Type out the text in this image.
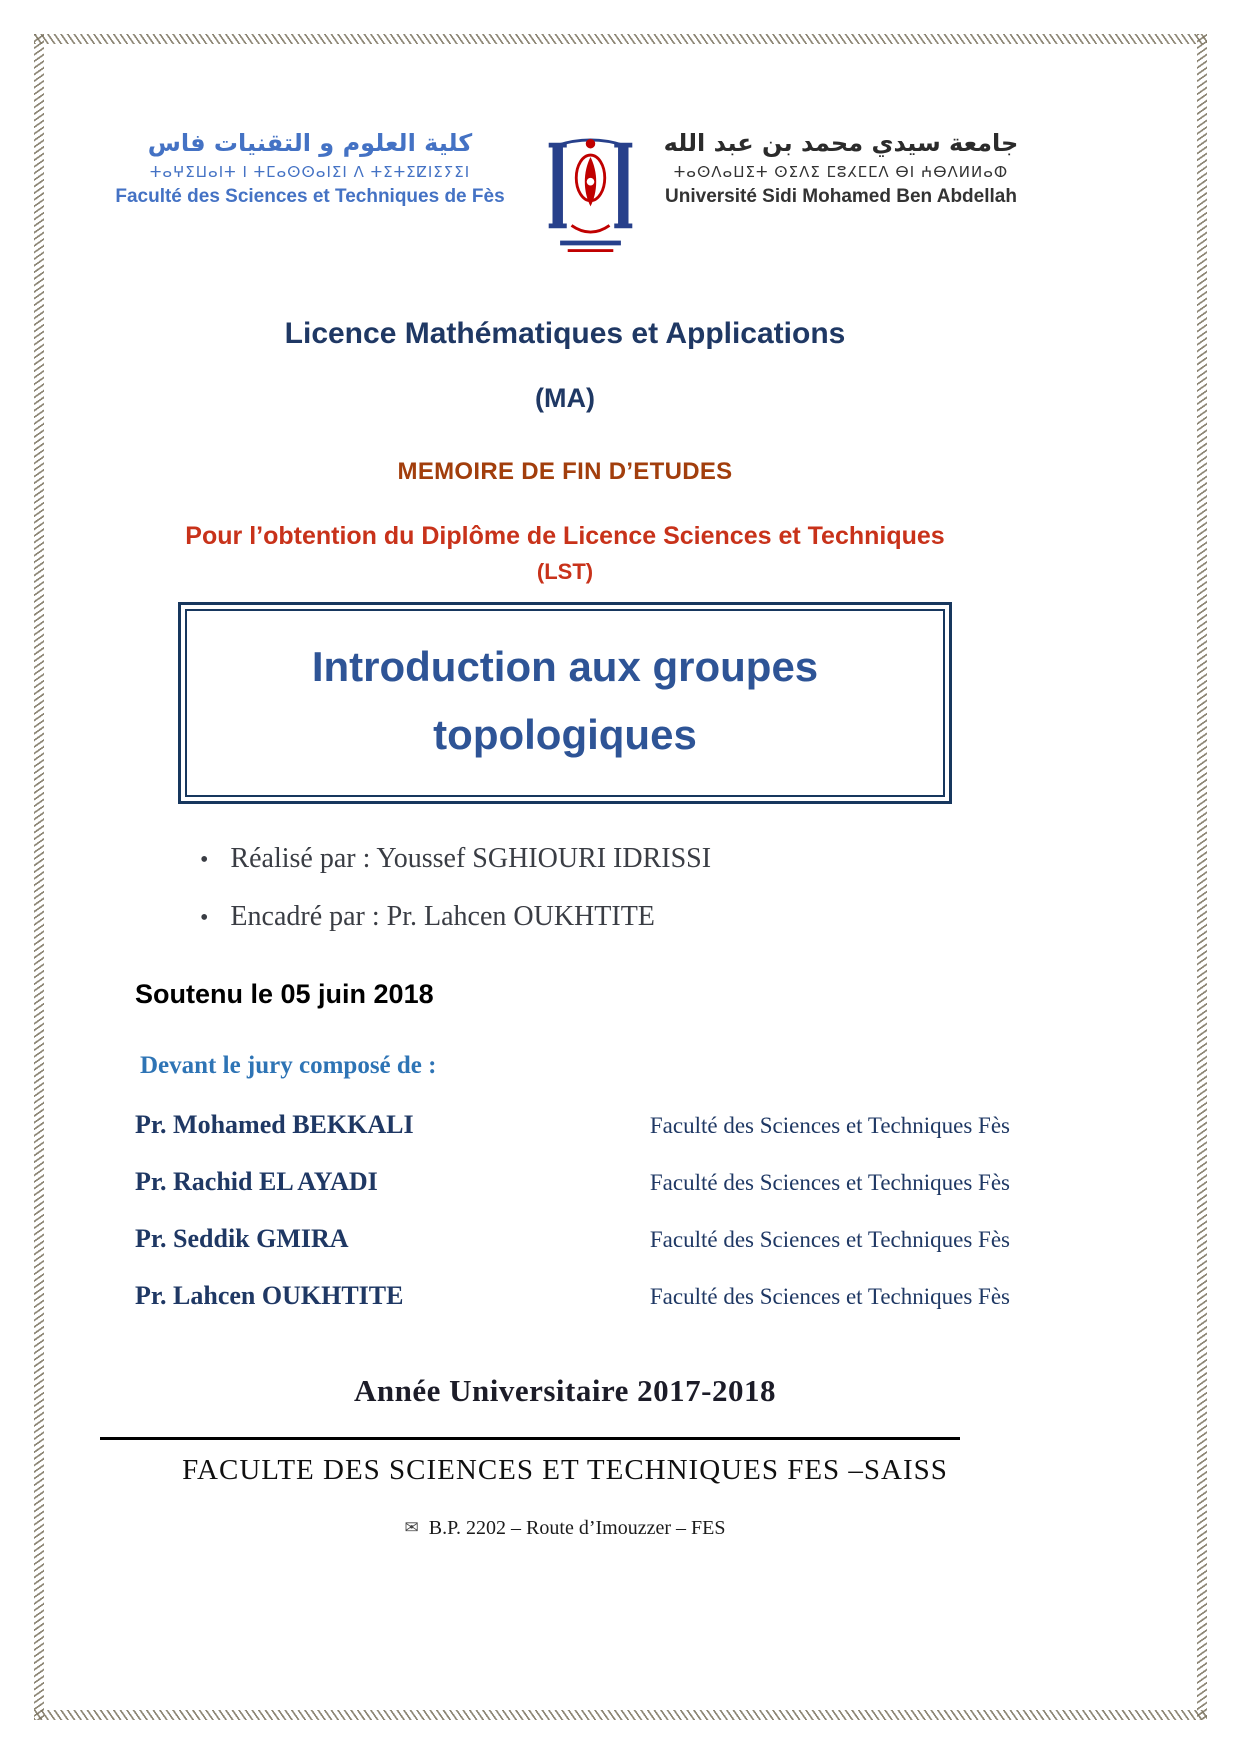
كلية العلوم و التقنيات فاس
ⵜⴰⵖⵉⵡⴰⵏⵜ ⵏ ⵜⵎⴰⵙⵙⴰⵏⵉⵏ ⴷ ⵜⵉⵜⵉⵇⵏⵉⵢⵉⵏ
Faculté des Sciences et Techniques de Fès
جامعة سيدي محمد بن عبد الله
ⵜⴰⵙⴷⴰⵡⵉⵜ ⵙⵉⴷⵉ ⵎⵓⵃⵎⵎⴷ ⴱⵏ ⵄⴱⴷⵍⵍⴰⵀ
Université Sidi Mohamed Ben Abdellah
Licence Mathématiques et Applications
(MA)
MEMOIRE DE FIN D’ETUDES
Pour l’obtention du Diplôme de Licence Sciences et Techniques
(LST)
Introduction aux groupes
topologiques
• Réalisé par : Youssef SGHIOURI IDRISSI
• Encadré par : Pr. Lahcen OUKHTITE
Soutenu le 05 juin 2018
Devant le jury composé de :
Pr. Mohamed BEKKALI	Faculté des Sciences et Techniques Fès
Pr. Rachid EL AYADI	Faculté des Sciences et Techniques Fès
Pr. Seddik GMIRA	Faculté des Sciences et Techniques Fès
Pr. Lahcen OUKHTITE	Faculté des Sciences et Techniques Fès
Année Universitaire 2017-2018
FACULTE DES SCIENCES ET TECHNIQUES FES –SAISS
✉ B.P. 2202 – Route d’Imouzzer – FES
